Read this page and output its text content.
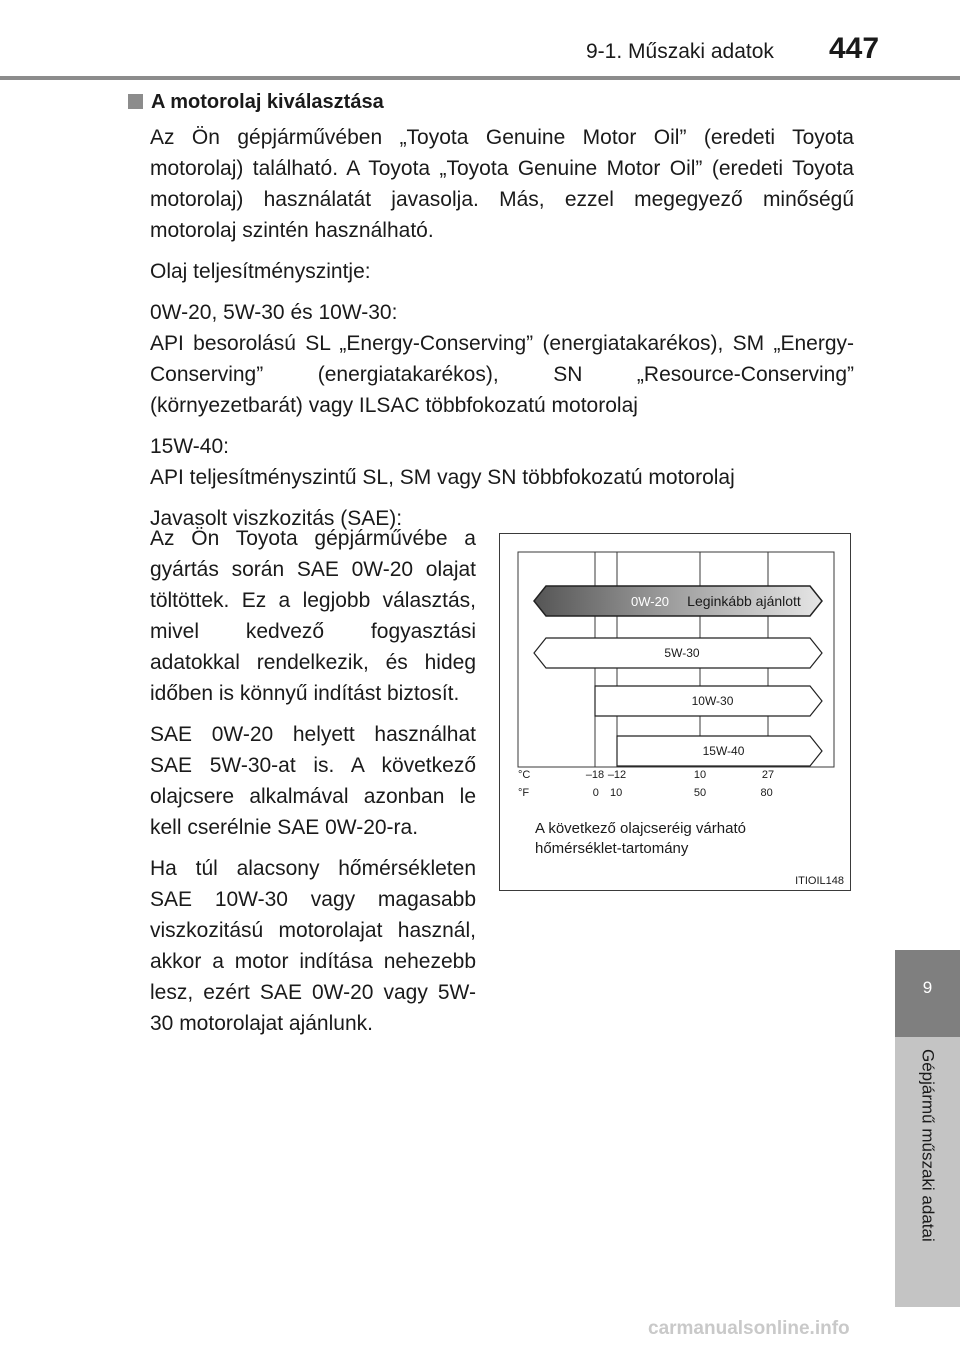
9-1. Műszaki adatok 447
9
Gépjármű műszaki adatai
A motorolaj kiválasztása

Az Ön gépjárművében „Toyota Genuine Motor Oil” (eredeti Toyota motorolaj) található. A Toyota „Toyota Genuine Motor Oil” (eredeti Toyota motorolaj) használatát javasolja. Más, ezzel megegyező minőségű motorolaj szintén használható.

Olaj teljesítményszintje:

0W-20, 5W-30 és 10W-30:
API besorolású SL „Energy-Conserving” (energiatakarékos), SM „Energy-Conserving” (energiatakarékos), SN „Resource-Conserving” (környezetbarát) vagy ILSAC többfokozatú motorolaj

15W-40:
API teljesítményszintű SL, SM vagy SN többfokozatú motorolaj

Javasolt viszkozitás (SAE):

Az Ön Toyota gépjárművébe a gyártás során SAE 0W-20 olajat töltöttek. Ez a legjobb választás, mivel kedvező fogyasztási adatokkal rendelkezik, és hideg időben is könnyű indítást biztosít.

SAE 0W-20 helyett használhat SAE 5W-30-at is. A következő olajcsere alkalmával azonban le kell cserélnie SAE 0W-20-ra.

Ha túl alacsony hőmérsékleten SAE 10W-30 vagy magasabb viszkozitású motorolajat használ, akkor a motor indítása nehezebb lesz, ezért SAE 0W-20 vagy 5W-30 motorolajat ajánlunk.

0W-20 Leginkább ajánlott
5W-30
10W-30
15W-40
°C
°F
–18 –12	10	27
0 10	50	80
A következő olajcseréig várható hőmérséklet-tartomány
ITIOIL148
carmanualsonline.info
